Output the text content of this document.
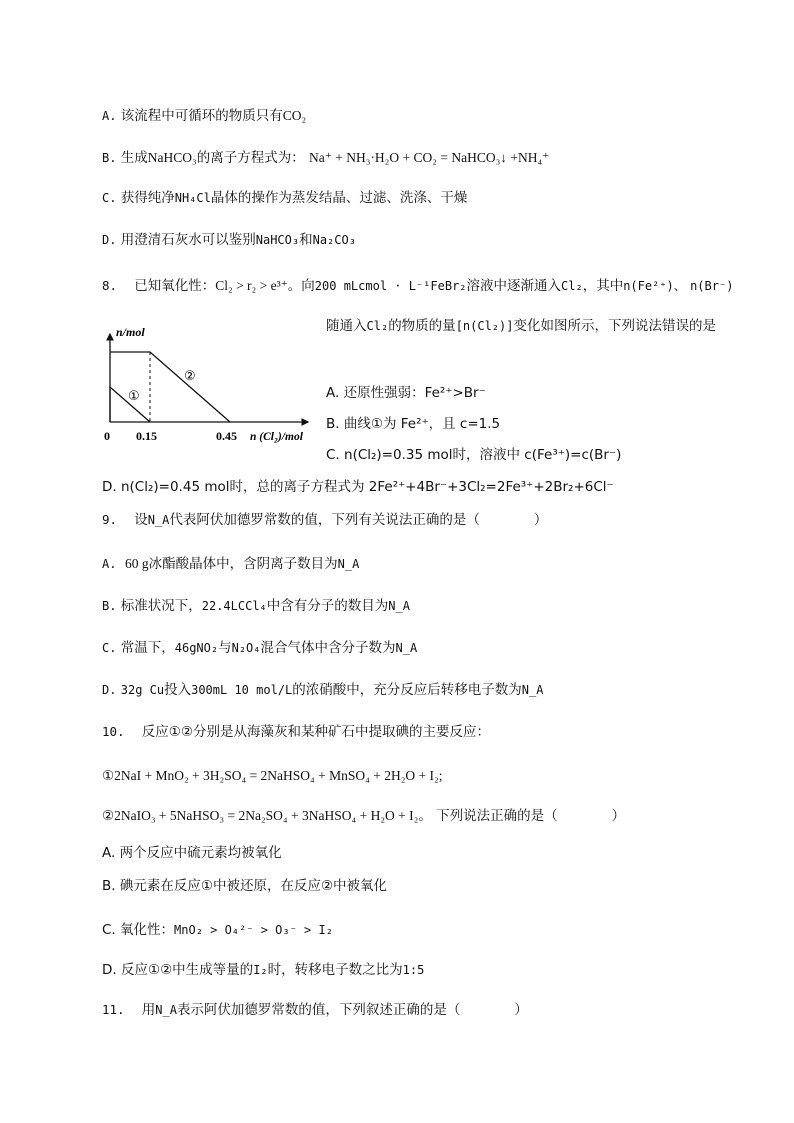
A. 该流程中可循环的物质只有CO₂
B. 生成NaHCO₃的离子方程式为： Na⁺ + NH₃·H₂O + CO₂ = NaHCO₃↓ +NH₄⁺
C. 获得纯净NH₄Cl晶体的操作为蒸发结晶、过滤、洗涤、干燥
D. 用澄清石灰水可以鉴别NaHCO₃和Na₂CO₃
8. 已知氧化性：Cl₂ > r₂ > e³⁺。向200 mLcmol · L⁻¹FeBr₂溶液中逐渐通入Cl₂，其中n(Fe²⁺)、 n(Br⁻)
随通入Cl₂的物质的量[n(Cl₂)]变化如图所示，下列说法错误的是
n/mol
0 0.15	0.45 n (Cl₂)/mol
①
②
A. 还原性强弱：Fe²⁺>Br⁻
B. 曲线①为 Fe²⁺，且 c=1.5
C. n(Cl₂)=0.35 mol时，溶液中 c(Fe³⁺)=c(Br⁻)
D. n(Cl₂)=0.45 mol时，总的离子方程式为 2Fe²⁺+4Br⁻+3Cl₂=2Fe³⁺+2Br₂+6Cl⁻
9. 设N_A代表阿伏加德罗常数的值，下列有关说法正确的是（　　　　）
A. 60 g冰酯酸晶体中，含阴离子数目为N_A
B. 标准状况下，22.4LCCl₄中含有分子的数目为N_A
C. 常温下，46gNO₂与N₂O₄混合气体中含分子数为N_A
D. 32g Cu投入300mL 10 mol/L的浓硝酸中，充分反应后转移电子数为N_A
10. 反应①②分别是从海藻灰和某种矿石中提取碘的主要反应：
①2NaI + MnO₂ + 3H₂SO₄ = 2NaHSO₄ + MnSO₄ + 2H₂O + I₂;
②2NaIO₃ + 5NaHSO₃ = 2Na₂SO₄ + 3NaHSO₄ + H₂O + I₂。 下列说法正确的是（　　　　）
A. 两个反应中硫元素均被氧化
B. 碘元素在反应①中被还原，在反应②中被氧化
C. 氧化性：MnO₂ > O₄²⁻ > O₃⁻ > I₂
D. 反应①②中生成等量的I₂时，转移电子数之比为1:5
11. 用N_A表示阿伏加德罗常数的值，下列叙述正确的是（　　　　）
